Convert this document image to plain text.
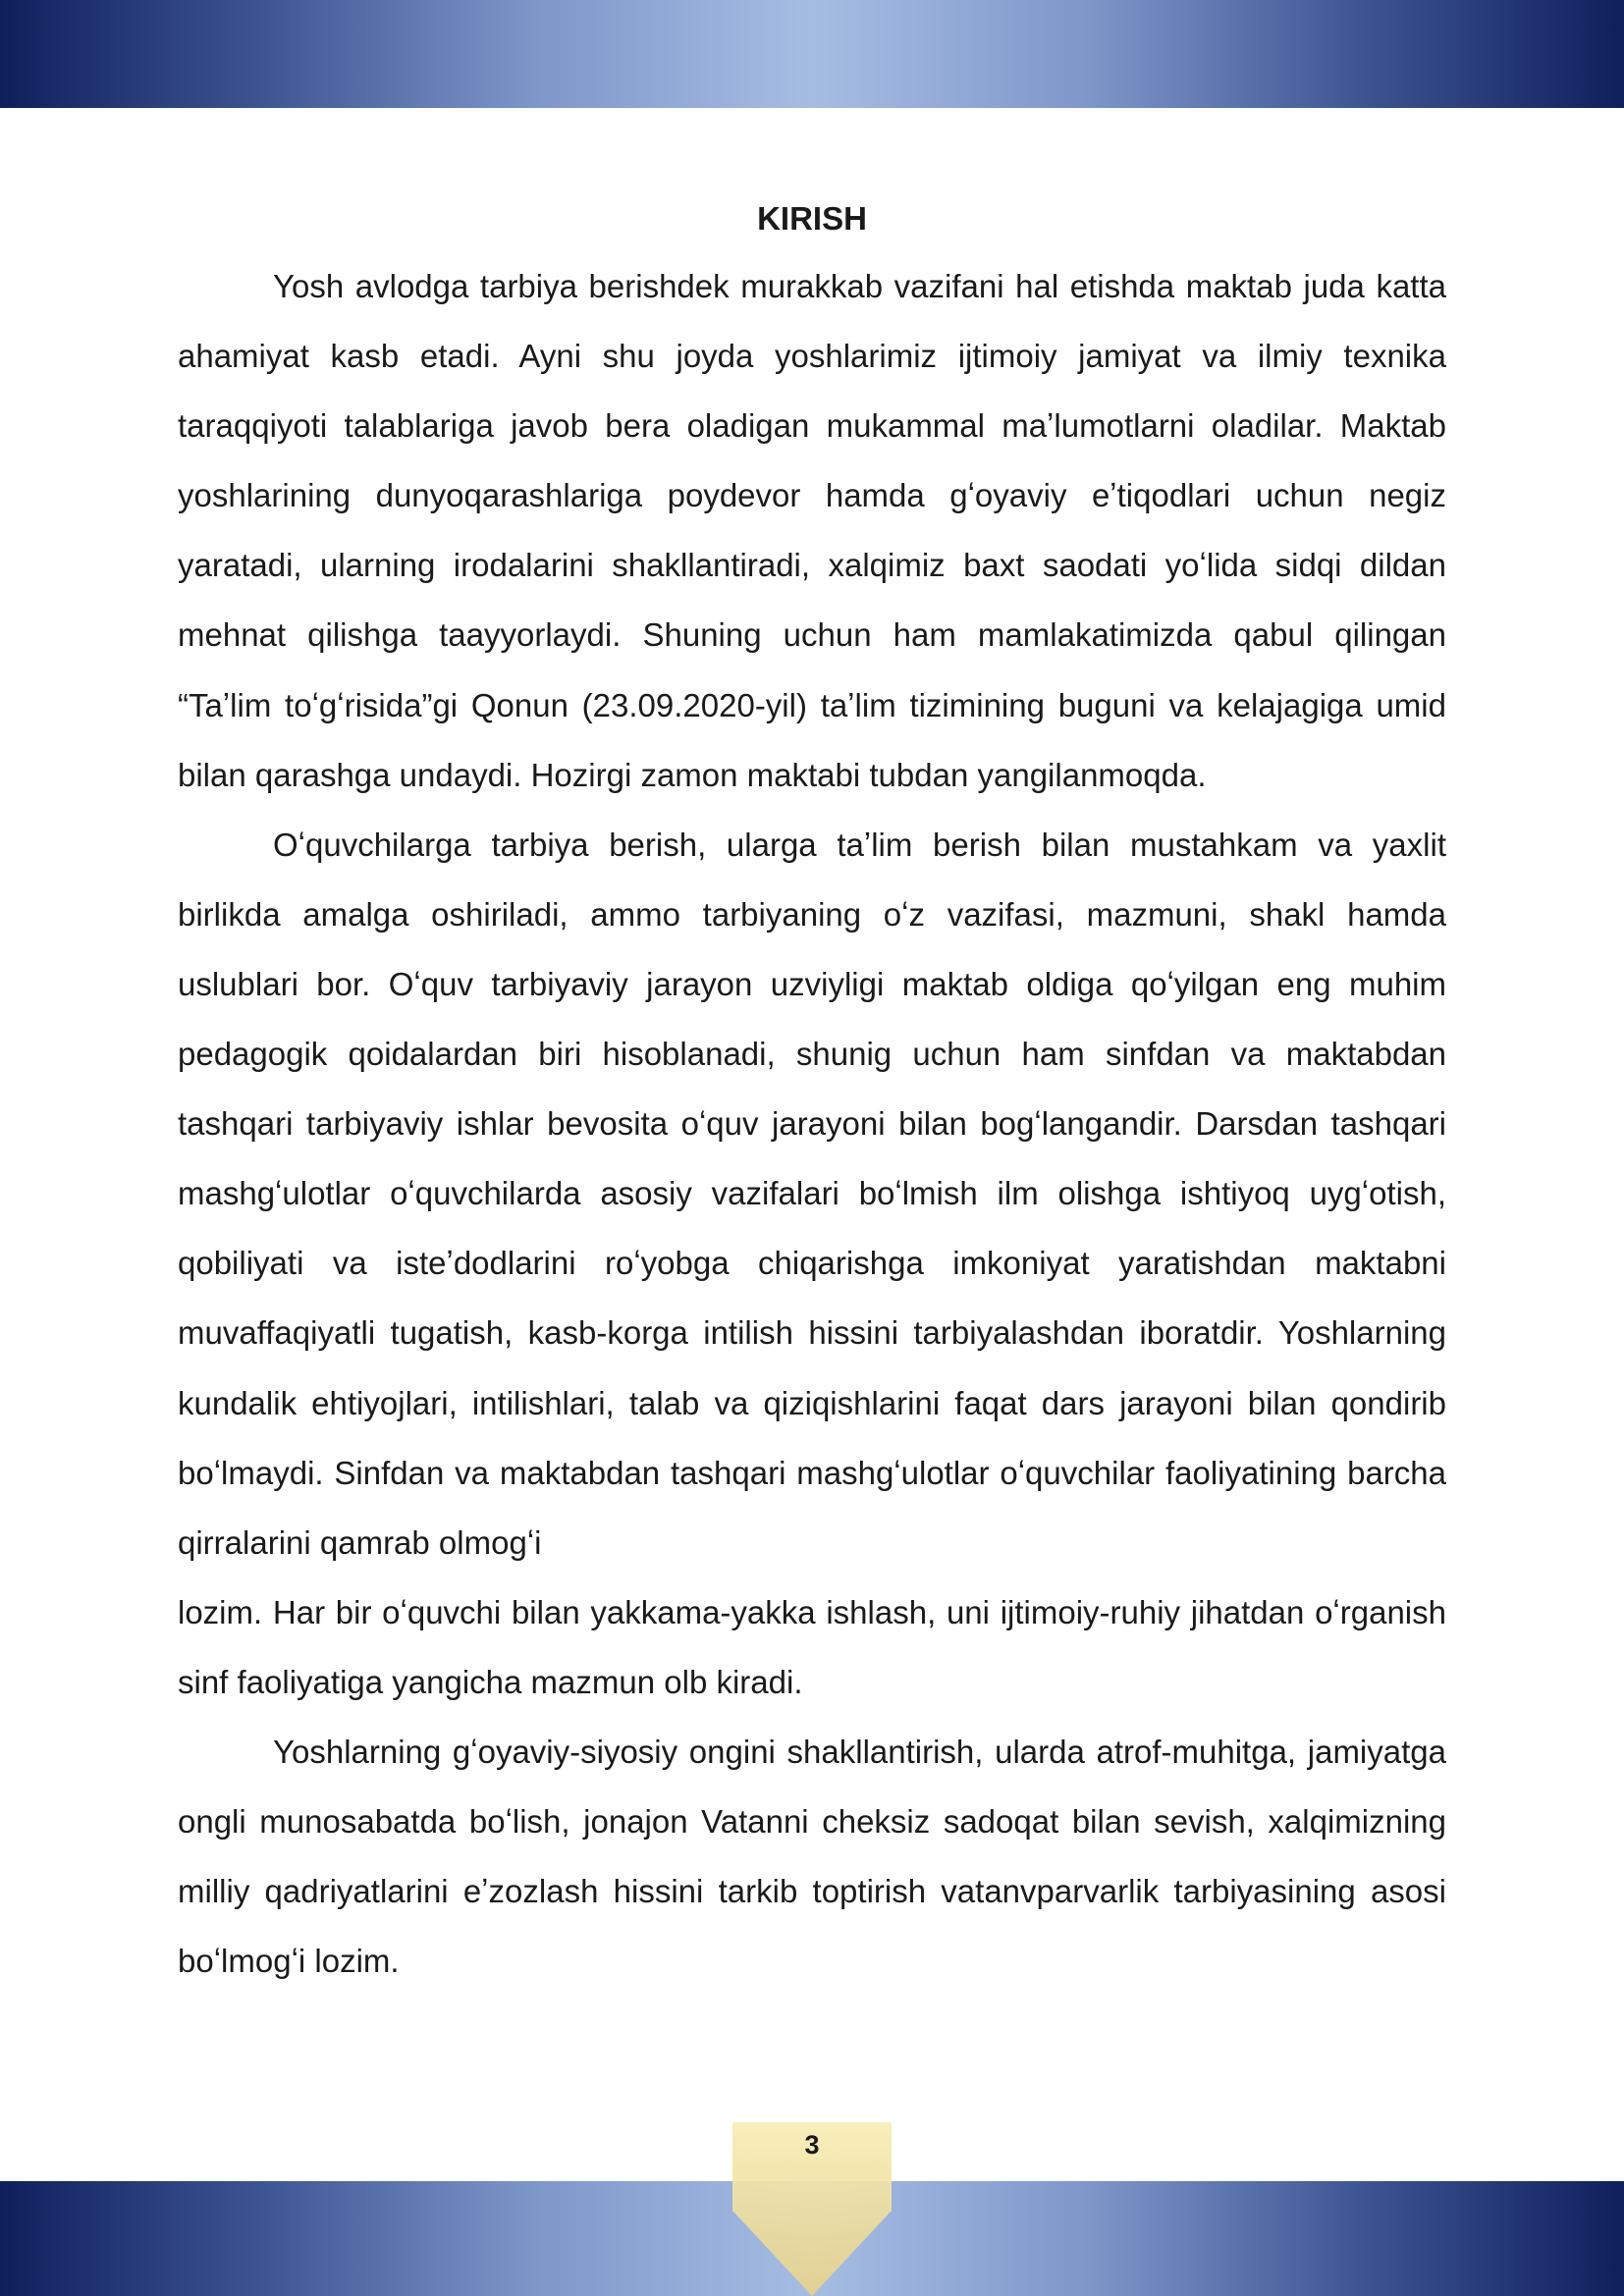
KIRISH

Yosh avlodga tarbiya berishdek murakkab vazifani hal etishda maktab juda katta ahamiyat kasb etadi. Ayni shu joyda yoshlarimiz ijtimoiy jamiyat va ilmiy texnika taraqqiyoti talablariga javob bera oladigan mukammal maʼlumotlarni oladilar. Maktab yoshlarining dunyoqarashlariga poydevor hamda gʻoyaviy eʼtiqodlari uchun negiz yaratadi, ularning irodalarini shakllantiradi, xalqimiz baxt saodati yoʻlida sidqi dildan mehnat qilishga taayyorlaydi. Shuning uchun ham mamlakatimizda qabul qilingan “Taʼlim toʻgʻrisida”gi Qonun (23.09.2020-yil) taʼlim tizimining buguni va kelajagiga umid bilan qarashga undaydi. Hozirgi zamon maktabi tubdan yangilanmoqda.

Oʻquvchilarga tarbiya berish, ularga taʼlim berish bilan mustahkam va yaxlit birlikda amalga oshiriladi, ammo tarbiyaning oʻz vazifasi, mazmuni, shakl hamda uslublari bor. Oʻquv tarbiyaviy jarayon uzviyligi maktab oldiga qoʻyilgan eng muhim pedagogik qoidalardan biri hisoblanadi, shunig uchun ham sinfdan va maktabdan tashqari tarbiyaviy ishlar bevosita oʻquv jarayoni bilan bogʻlangandir. Darsdan tashqari mashgʻulotlar oʻquvchilarda asosiy vazifalari boʻlmish ilm olishga ishtiyoq uygʻotish, qobiliyati va isteʼdodlarini roʻyobga chiqarishga imkoniyat yaratishdan maktabni muvaffaqiyatli tugatish, kasb-korga intilish hissini tarbiyalashdan iboratdir. Yoshlarning kundalik ehtiyojlari, intilishlari, talab va qiziqishlarini faqat dars jarayoni bilan qondirib boʻlmaydi. Sinfdan va maktabdan tashqari mashgʻulotlar oʻquvchilar faoliyatining barcha qirralarini qamrab olmogʻi
lozim. Har bir oʻquvchi bilan yakkama-yakka ishlash, uni ijtimoiy-ruhiy jihatdan oʻrganish sinf faoliyatiga yangicha mazmun olb kiradi.

Yoshlarning gʻoyaviy-siyosiy ongini shakllantirish, ularda atrof-muhitga, jamiyatga ongli munosabatda boʻlish, jonajon Vatanni cheksiz sadoqat bilan sevish, xalqimizning milliy qadriyatlarini eʼzozlash hissini tarkib toptirish vatanvparvarlik tarbiyasining asosi boʻlmogʻi lozim.

3
